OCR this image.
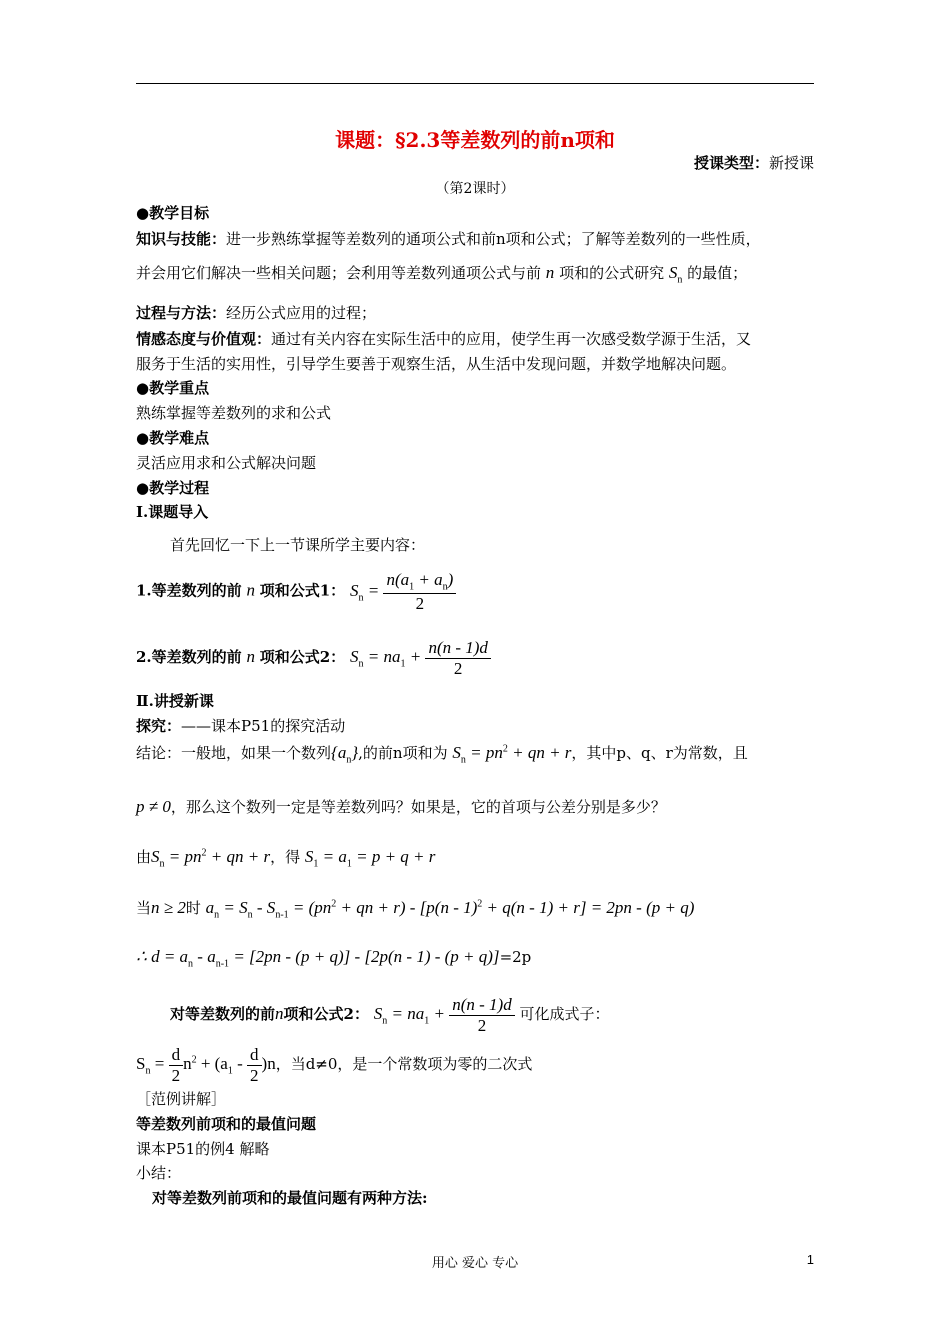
课题：§2.3等差数列的前n项和
授课类型：新授课
（第2课时）
● 教学目标
知识与技能：进一步熟练掌握等差数列的通项公式和前n项和公式；了解等差数列的一些性质，
并会用它们解决一些相关问题；会利用等差数列通项公式与前 n 项和的公式研究 $S_n$ 的最值；
过程与方法：经历公式应用的过程；
情感态度与价值观：通过有关内容在实际生活中的应用，使学生再一次感受数学源于生活，又
服务于生活的实用性，引导学生要善于观察生活，从生活中发现问题，并数学地解决问题。
● 教学重点
熟练掌握等差数列的求和公式
● 教学难点
灵活应用求和公式解决问题
● 教学过程
Ⅰ.课题导入
首先回忆一下上一节课所学主要内容：
1.等差数列的前 n 项和公式1： $S_n = \frac{n(a_1 + a_n)}{2}$
2.等差数列的前 n 项和公式2： $S_n = na_1 + \frac{n(n - 1)d}{2}$
Ⅱ.讲授新课
探究：——课本P51的探究活动
结论：一般地，如果一个数列$\{a_n\}$,的前n项和为 $S_n = pn^2$ + qn + r，其中p、q、r为常数，且
p ≠ 0，那么这个数列一定是等差数列吗？如果是，它的首项与公差分别是多少？
由$S_n = pn^2$ + qn + r，得 $S_1 = a_1 = p + q + r$
当n ≥ 2时 $a_n = S_n - S_{n-1} = (pn^2$ + qn + r) - [p(n - 1)$^2$ + q(n - 1) + r] = 2pn - (p + q)
∴ $d = a_n - a_{n-1} = [2pn - (p + q)] - [2p(n - 1) - (p + q)]=2p$
对等差数列的前n项和公式2： $S_n = na_1 + \frac{n(n - 1)d}{2}$ 可化成式子：
$S_n = \frac{d}{2} n^2 + (a_1 - \frac{d}{2} )n$，当d≠0，是一个常数项为零的二次式
［范例讲解］
等差数列前项和的最值问题
课本P51的例4 解略
小结：
对等差数列前项和的最值问题有两种方法:
用心 爱心 专心	1
